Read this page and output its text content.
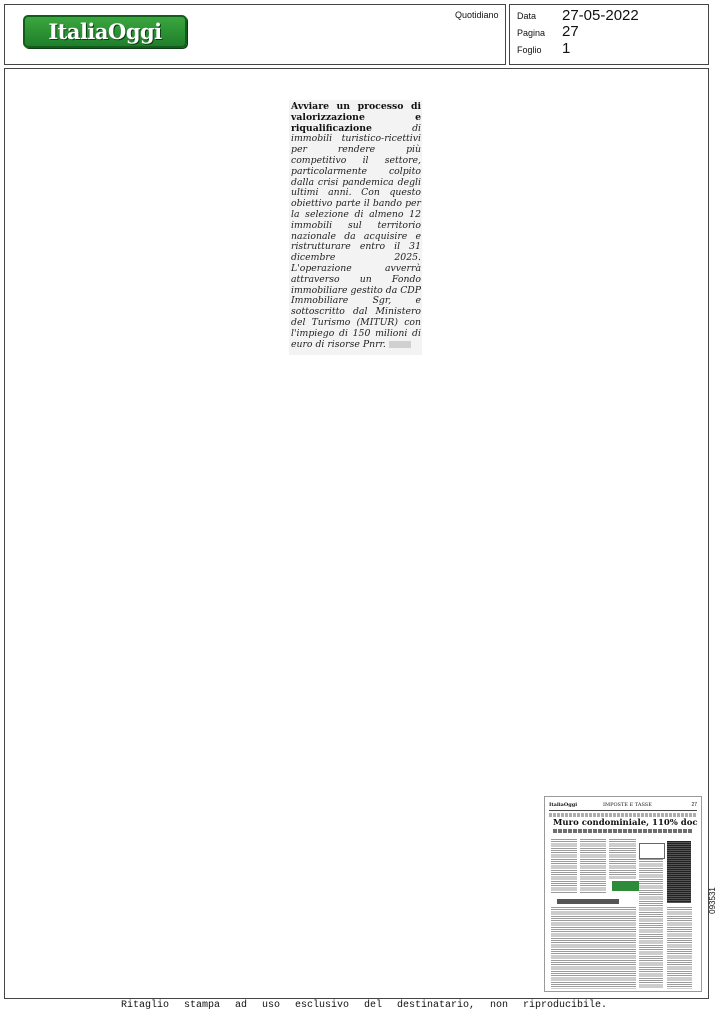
ItaliaOggi
Quotidiano Data 27-05-2022
Pagina 27
Foglio 1
Avviare un processo di valorizzazione e riqualificazione di immobili turistico-ricettivi per rendere più competitivo il settore, particolarmente colpito dalla crisi pandemica degli ultimi anni. Con questo obiettivo parte il bando per la selezione di almeno 12 immobili sul territorio nazionale da acquisire e ristrutturare entro il 31 dicembre 2025. L'operazione avverrà attraverso un Fondo immobiliare gestito da CDP Immobiliare Sgr, e sottoscritto dal Ministero del Turismo (MITUR) con l'impiego di 150 milioni di euro di risorse Pnrr.
ItaliaOggi	IMPOSTE E TASSE	27
Muro condominiale, 110% doc
093531
Ritaglio stampa ad uso esclusivo del destinatario, non riproducibile.
